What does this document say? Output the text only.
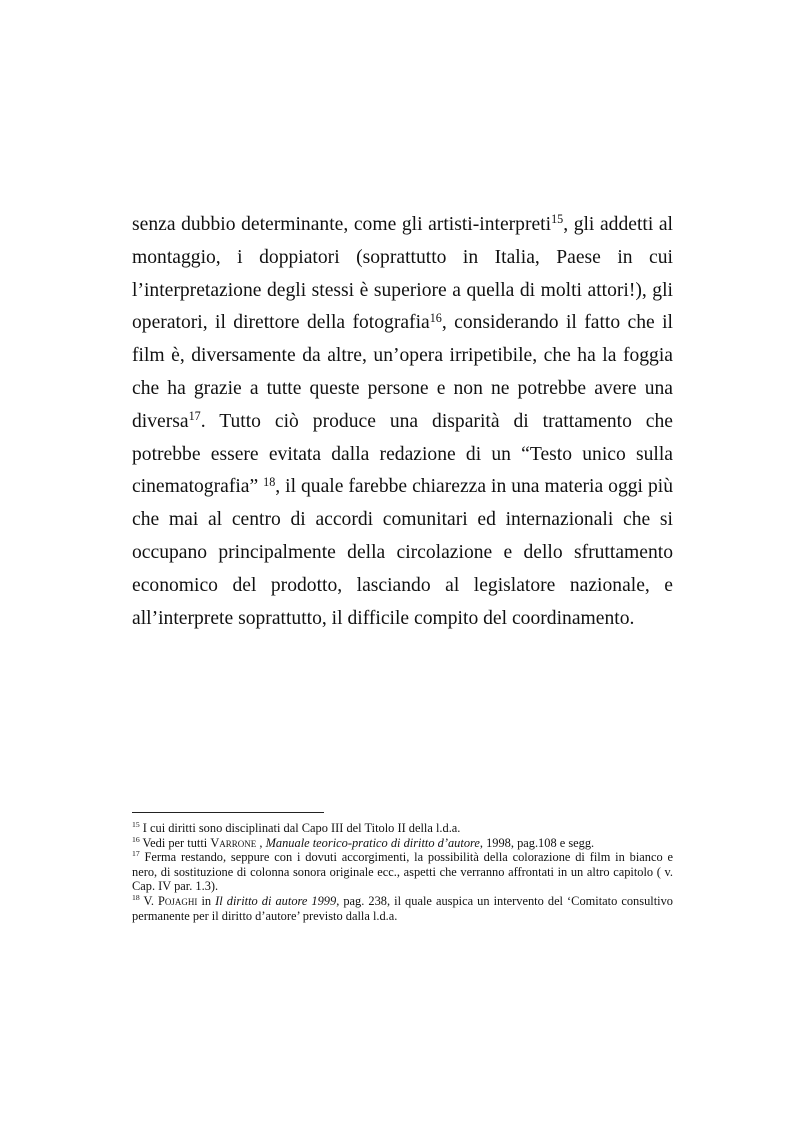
senza dubbio determinante, come gli artisti-interpreti$^{15}$, gli addetti al montaggio, i doppiatori (soprattutto in Italia, Paese in cui l’interpretazione degli stessi è superiore a quella di molti attori!), gli operatori, il direttore della fotografia$^{16}$, considerando il fatto che il film è, diversamente da altre, un’opera irripetibile, che ha la foggia che ha grazie a tutte queste persone e non ne potrebbe avere una diversa$^{17}$. Tutto ciò produce una disparità di trattamento che potrebbe essere evitata dalla redazione di un “Testo unico sulla cinematografia” $^{18}$, il quale farebbe chiarezza in una materia oggi più che mai al centro di accordi comunitari ed internazionali che si occupano principalmente della circolazione e dello sfruttamento economico del prodotto, lasciando al legislatore nazionale, e all’interprete soprattutto, il difficile compito del coordinamento.

$^{15}$ I cui diritti sono disciplinati dal Capo III del Titolo II della l.d.a.

$^{16}$ Vedi per tutti Varrone , Manuale teorico-pratico di diritto d’autore, 1998, pag.108 e segg.

$^{17}$ Ferma restando, seppure con i dovuti accorgimenti, la possibilità della colorazione di film in bianco e nero, di sostituzione di colonna sonora originale ecc., aspetti che verranno affrontati in un altro capitolo ( v. Cap. IV par. 1.3).

$^{18}$ V. Pojaghi in Il diritto di autore 1999, pag. 238, il quale auspica un intervento del ‘Comitato consultivo permanente per il diritto d’autore’ previsto dalla l.d.a.
